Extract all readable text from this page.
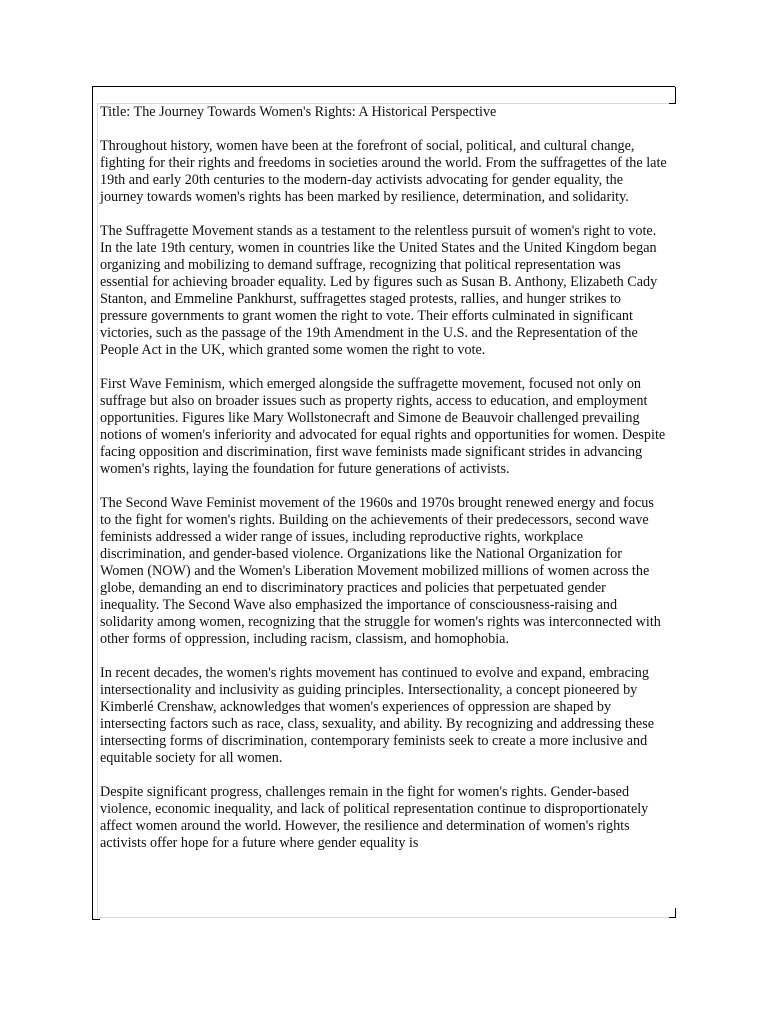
Title: The Journey Towards Women's Rights: A Historical Perspective

Throughout history, women have been at the forefront of social, political, and cultural change, fighting for their rights and freedoms in societies around the world. From the suffragettes of the late 19th and early 20th centuries to the modern-day activists advocating for gender equality, the journey towards women's rights has been marked by resilience, determination, and solidarity.

The Suffragette Movement stands as a testament to the relentless pursuit of women's right to vote. In the late 19th century, women in countries like the United States and the United Kingdom began organizing and mobilizing to demand suffrage, recognizing that political representation was essential for achieving broader equality. Led by figures such as Susan B. Anthony, Elizabeth Cady Stanton, and Emmeline Pankhurst, suffragettes staged protests, rallies, and hunger strikes to pressure governments to grant women the right to vote. Their efforts culminated in significant victories, such as the passage of the 19th Amendment in the U.S. and the Representation of the People Act in the UK, which granted some women the right to vote.

First Wave Feminism, which emerged alongside the suffragette movement, focused not only on suffrage but also on broader issues such as property rights, access to education, and employment opportunities. Figures like Mary Wollstonecraft and Simone de Beauvoir challenged prevailing notions of women's inferiority and advocated for equal rights and opportunities for women. Despite facing opposition and discrimination, first wave feminists made significant strides in advancing women's rights, laying the foundation for future generations of activists.

The Second Wave Feminist movement of the 1960s and 1970s brought renewed energy and focus to the fight for women's rights. Building on the achievements of their predecessors, second wave feminists addressed a wider range of issues, including reproductive rights, workplace discrimination, and gender-based violence. Organizations like the National Organization for Women (NOW) and the Women's Liberation Movement mobilized millions of women across the globe, demanding an end to discriminatory practices and policies that perpetuated gender inequality. The Second Wave also emphasized the importance of consciousness-raising and solidarity among women, recognizing that the struggle for women's rights was interconnected with other forms of oppression, including racism, classism, and homophobia.

In recent decades, the women's rights movement has continued to evolve and expand, embracing intersectionality and inclusivity as guiding principles. Intersectionality, a concept pioneered by Kimberlé Crenshaw, acknowledges that women's experiences of oppression are shaped by intersecting factors such as race, class, sexuality, and ability. By recognizing and addressing these intersecting forms of discrimination, contemporary feminists seek to create a more inclusive and equitable society for all women.

Despite significant progress, challenges remain in the fight for women's rights. Gender-based violence, economic inequality, and lack of political representation continue to disproportionately affect women around the world. However, the resilience and determination of women's rights activists offer hope for a future where gender equality is
